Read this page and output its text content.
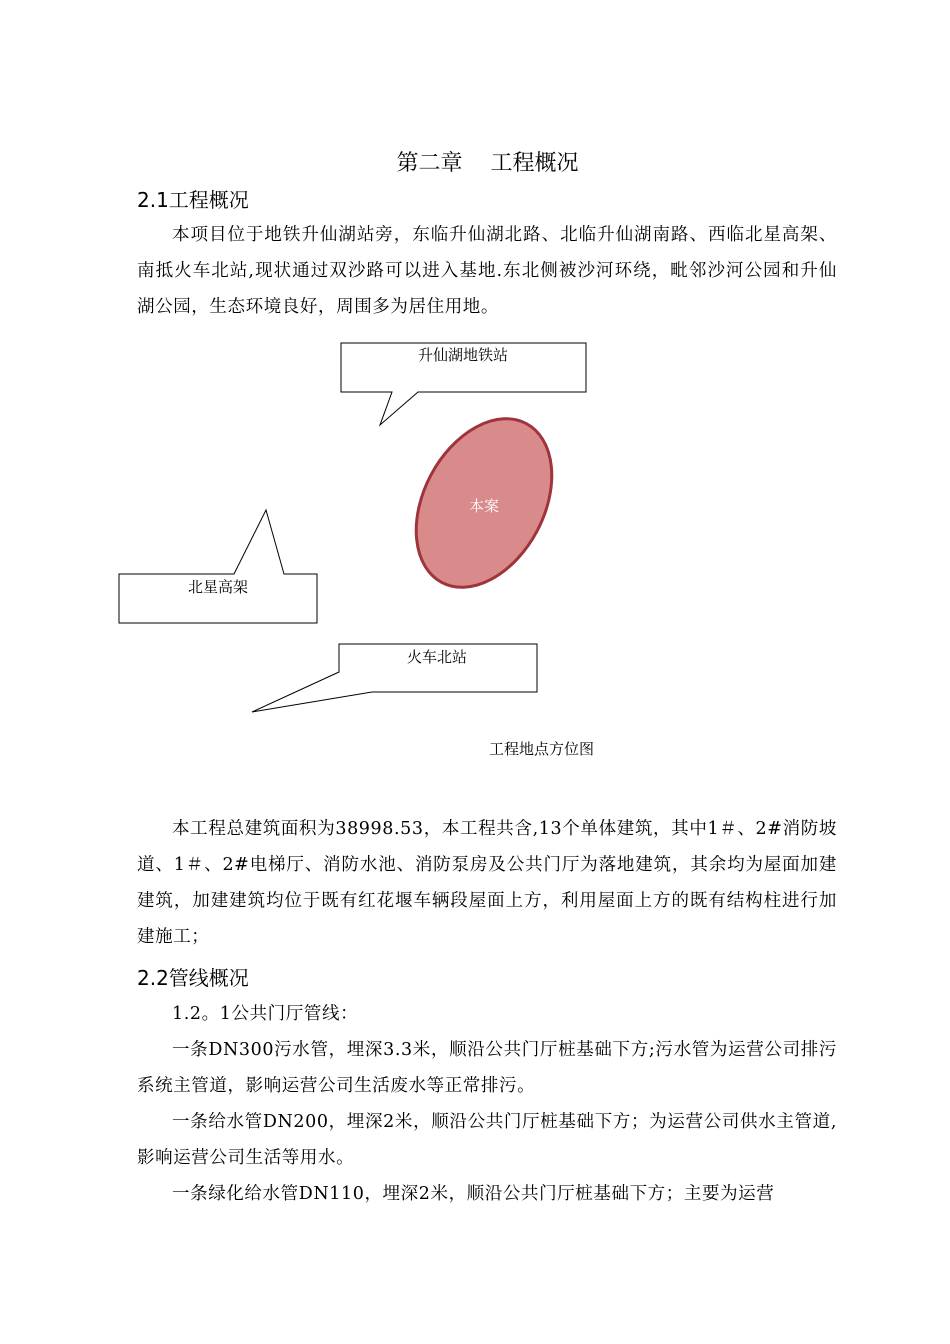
第二章    工程概况
2.1工程概况
本项目位于地铁升仙湖站旁，东临升仙湖北路、北临升仙湖南路、西临北星高架、南抵火车北站,现状通过双沙路可以进入基地.东北侧被沙河环绕，毗邻沙河公园和升仙湖公园，生态环境良好，周围多为居住用地。
升仙湖地铁站
本案
北星高架
火车北站
工程地点方位图
本工程总建筑面积为38998.53，本工程共含,13个单体建筑，其中1＃、2#消防坡道、1＃、2#电梯厅、消防水池、消防泵房及公共门厅为落地建筑，其余均为屋面加建建筑，加建建筑均位于既有红花堰车辆段屋面上方，利用屋面上方的既有结构柱进行加建施工；
2.2管线概况
1.2。1公共门厅管线：
一条DN300污水管，埋深3.3米，顺沿公共门厅桩基础下方;污水管为运营公司排污系统主管道，影响运营公司生活废水等正常排污。
一条给水管DN200，埋深2米，顺沿公共门厅桩基础下方；为运营公司供水主管道,影响运营公司生活等用水。
一条绿化给水管DN110，埋深2米，顺沿公共门厅桩基础下方；主要为运营
